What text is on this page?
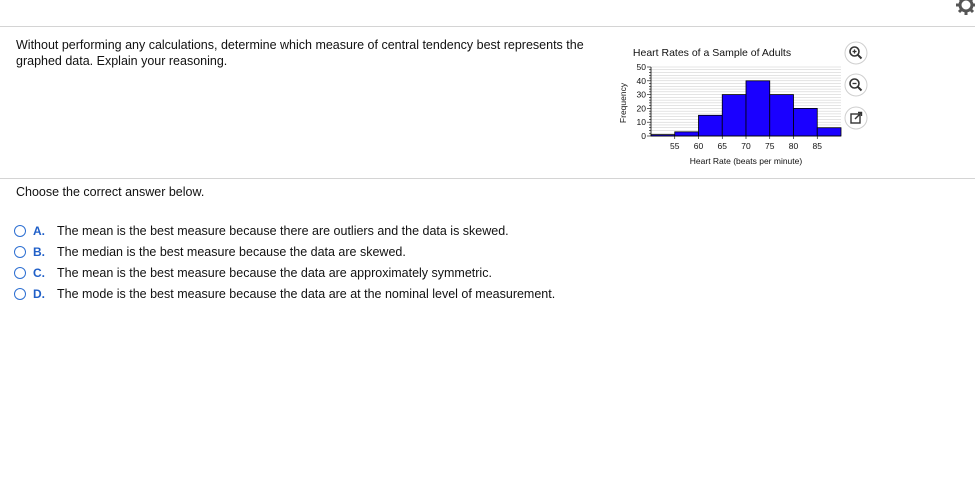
Without performing any calculations, determine which measure of central tendency best represents the
graphed data. Explain your reasoning.
Heart Rates of a Sample of Adults
Frequency
Heart Rate (beats per minute)
0
10
20
30
40
50
55 60 65 70 75 80 85
Choose the correct answer below.
A. The mean is the best measure because there are outliers and the data is skewed.
B. The median is the best measure because the data are skewed.
C. The mean is the best measure because the data are approximately symmetric.
D. The mode is the best measure because the data are at the nominal level of measurement.
